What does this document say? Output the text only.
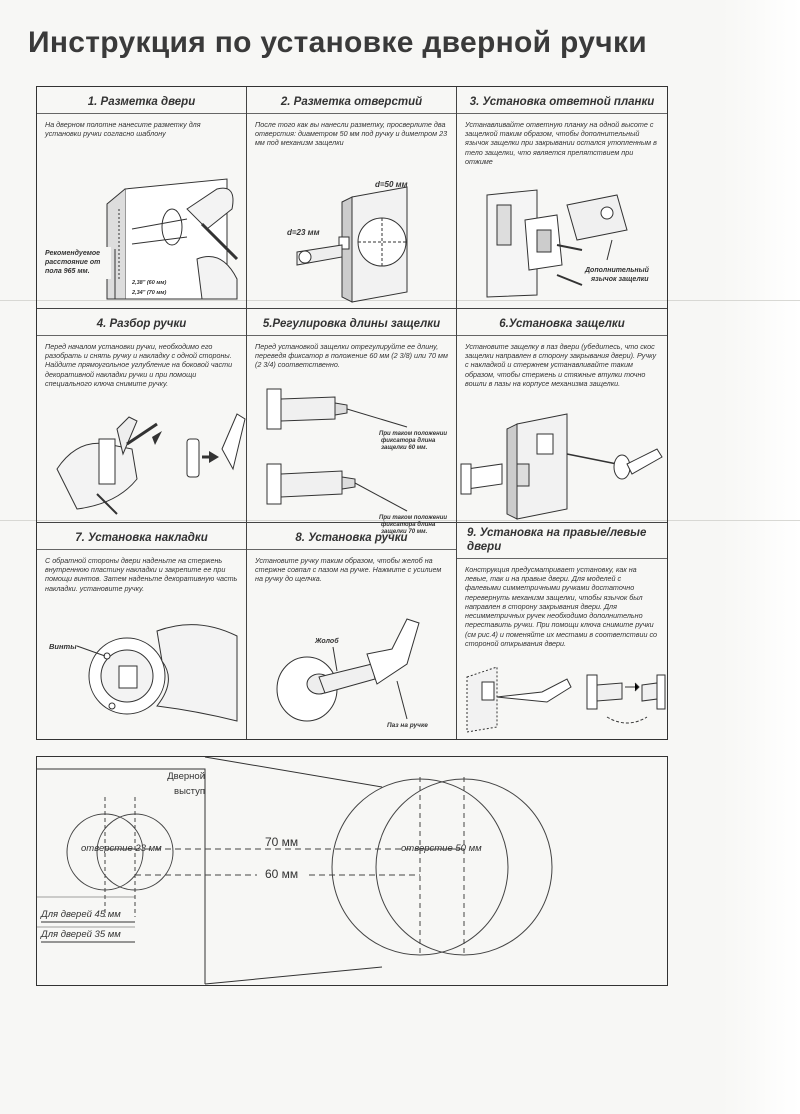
Инструкция по установке дверной ручки
1. Разметка двери

На дверном полотне нанесите разметку для установки ручки согласно шаблону

Рекомендуемое расстояние от пола 965 мм.
2,38" (60 мм)
2,34" (70 мм)
2. Разметка отверстий

После того как вы нанесли разметку, просверлите два отверстия: диаметром 50 мм под ручку и диметром 23 мм под механизм защелки

d=50 мм
d=23 мм
3. Установка ответной планки

Устанавливайте ответную планку на одной высоте с защелкой таким образом, чтобы дополнительный язычок защелки при закрывании остался утопленным в тело защелки, что является препятствием при отжиме

Дополнительный язычок защелки
4. Разбор ручки

Перед началом установки ручки, необходимо его разобрать и снять ручку и накладку с одной стороны. Найдите прямоугольное углубление на боковой части декоративной накладки ручки и при помощи специального ключа снимите ручку.

5.Регулировка длины защелки

Перед установкой защелки отрегулируйте ее длину, переведя фиксатор в положение 60 мм (2 3/8) или 70 мм (2 3/4) соответственно.

При таком положении фиксатора длина защелки 60 мм.
При таком положении фиксатора длина защелки 70 мм.
6.Установка защелки

Установите защелку в паз двери (убедитесь, что скос защелки направлен в сторону закрывания двери). Ручку с накладкой и стержнем устанавливайте таким образом, чтобы стержень и стяжные втулки точно вошли в пазы на корпусе механизма защелки.

7. Установка накладки

С обратной стороны двери наденьте на стержень внутреннюю пластину накладки и закрепите ее при помощи винтов. Затем наденьте декоративную часть накладки. установите ручку.

Винты
8. Установка ручки

Установите ручку таким образом, чтобы желоб на стержне совпал с пазом на ручке. Нажмите с усилием на ручку до щелчка.

Жолоб
Паз на ручке
9. Установка на правые/левые двери

Конструкция предусматривает установку, как на левые, так и на правые двери. Для моделей с фалевыми симметричными ручками достаточно перевернуть механизм защелки, чтобы язычок был направлен в сторону закрывания двери. Для несимметричных ручек необходимо дополнительно переставить ручки. При помощи ключа снимите ручки (см рис.4) и поменяйте их местами в соответствии со стороной открывания двери.

Дверной выступ
отверстие 23 мм	отверстие 50 мм
70 мм
60 мм
Для дверей 45 мм
Для дверей 35 мм
